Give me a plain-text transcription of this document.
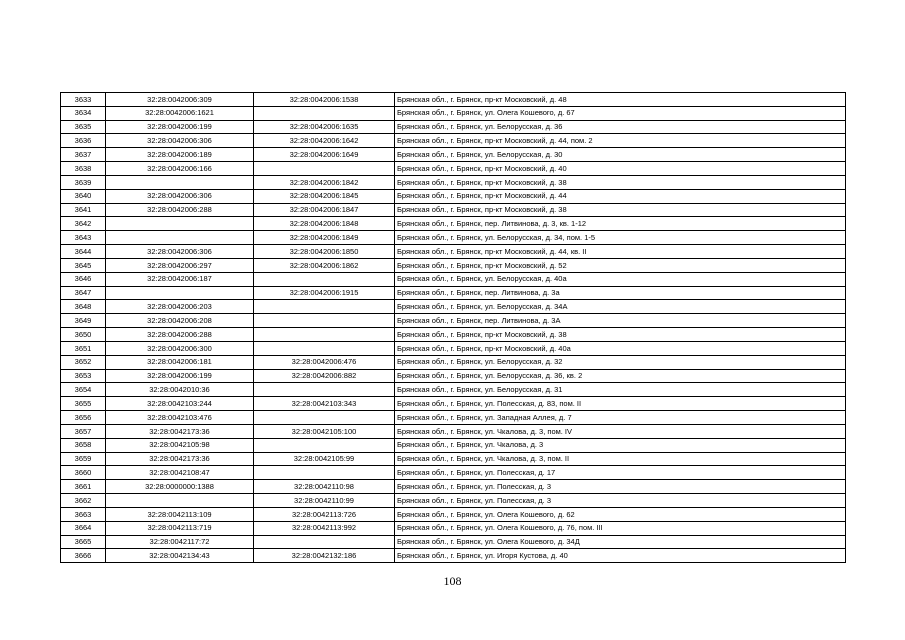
3633	32:28:0042006:309	32:28:0042006:1538	Брянская обл., г. Брянск, пр-кт Московский, д. 48
3634	32:28:0042006:1621		Брянская обл., г. Брянск, ул. Олега Кошевого, д. 67
3635	32:28:0042006:199	32:28:0042006:1635	Брянская обл., г. Брянск, ул. Белорусская, д. 36
3636	32:28:0042006:306	32:28:0042006:1642	Брянская обл., г. Брянск, пр-кт Московский, д. 44, пом. 2
3637	32:28:0042006:189	32:28:0042006:1649	Брянская обл., г. Брянск, ул. Белорусская, д. 30
3638	32:28:0042006:166		Брянская обл., г. Брянск, пр-кт Московский, д. 40
3639		32:28:0042006:1842	Брянская обл., г. Брянск, пр-кт Московский, д. 38
3640	32:28:0042006:306	32:28:0042006:1845	Брянская обл., г. Брянск, пр-кт Московский, д. 44
3641	32:28:0042006:288	32:28:0042006:1847	Брянская обл., г. Брянск, пр-кт Московский, д. 38
3642		32:28:0042006:1848	Брянская обл., г. Брянск, пер. Литвинова, д. 3, кв. 1-12
3643		32:28:0042006:1849	Брянская обл., г. Брянск, ул. Белорусская, д. 34, пом. 1-5
3644	32:28:0042006:306	32:28:0042006:1850	Брянская обл., г. Брянск, пр-кт Московский, д. 44, кв. II
3645	32:28:0042006:297	32:28:0042006:1862	Брянская обл., г. Брянск, пр-кт Московский, д. 52
3646	32:28:0042006:187		Брянская обл., г. Брянск, ул. Белорусская, д. 40а
3647		32:28:0042006:1915	Брянская обл., г. Брянск, пер. Литвинова, д. 3а
3648	32:28:0042006:203		Брянская обл., г. Брянск, ул. Белорусская, д. 34А
3649	32:28:0042006:208		Брянская обл., г. Брянск, пер. Литвинова, д. 3А
3650	32:28:0042006:288		Брянская обл., г. Брянск, пр-кт Московский, д. 38
3651	32:28:0042006:300		Брянская обл., г. Брянск, пр-кт Московский, д. 40а
3652	32:28:0042006:181	32:28:0042006:476	Брянская обл., г. Брянск, ул. Белорусская, д. 32
3653	32:28:0042006:199	32:28:0042006:882	Брянская обл., г. Брянск, ул. Белорусская, д. 36, кв. 2
3654	32:28:0042010:36		Брянская обл., г. Брянск, ул. Белорусская, д. 31
3655	32:28:0042103:244	32:28:0042103:343	Брянская обл., г. Брянск, ул. Полесская, д. 83, пом. II
3656	32:28:0042103:476		Брянская обл., г. Брянск, ул. Западная Аллея, д. 7
3657	32:28:0042173:36	32:28:0042105:100	Брянская обл., г. Брянск, ул. Чкалова, д. 3, пом. IV
3658	32:28:0042105:98		Брянская обл., г. Брянск, ул. Чкалова, д. 3
3659	32:28:0042173:36	32:28:0042105:99	Брянская обл., г. Брянск, ул. Чкалова, д. 3, пом. II
3660	32:28:0042108:47		Брянская обл., г. Брянск, ул. Полесская, д. 17
3661	32:28:0000000:1388	32:28:0042110:98	Брянская обл., г. Брянск, ул. Полесская, д. 3
3662		32:28:0042110:99	Брянская обл., г. Брянск, ул. Полесская, д. 3
3663	32:28:0042113:109	32:28:0042113:726	Брянская обл., г. Брянск, ул. Олега Кошевого, д. 62
3664	32:28:0042113:719	32:28:0042113:992	Брянская обл., г. Брянск, ул. Олега Кошевого, д. 76, пом. III
3665	32:28:0042117:72		Брянская обл., г. Брянск, ул. Олега Кошевого, д. 34Д
3666	32:28:0042134:43	32:28:0042132:186	Брянская обл., г. Брянск, ул. Игоря Кустова, д. 40
108
